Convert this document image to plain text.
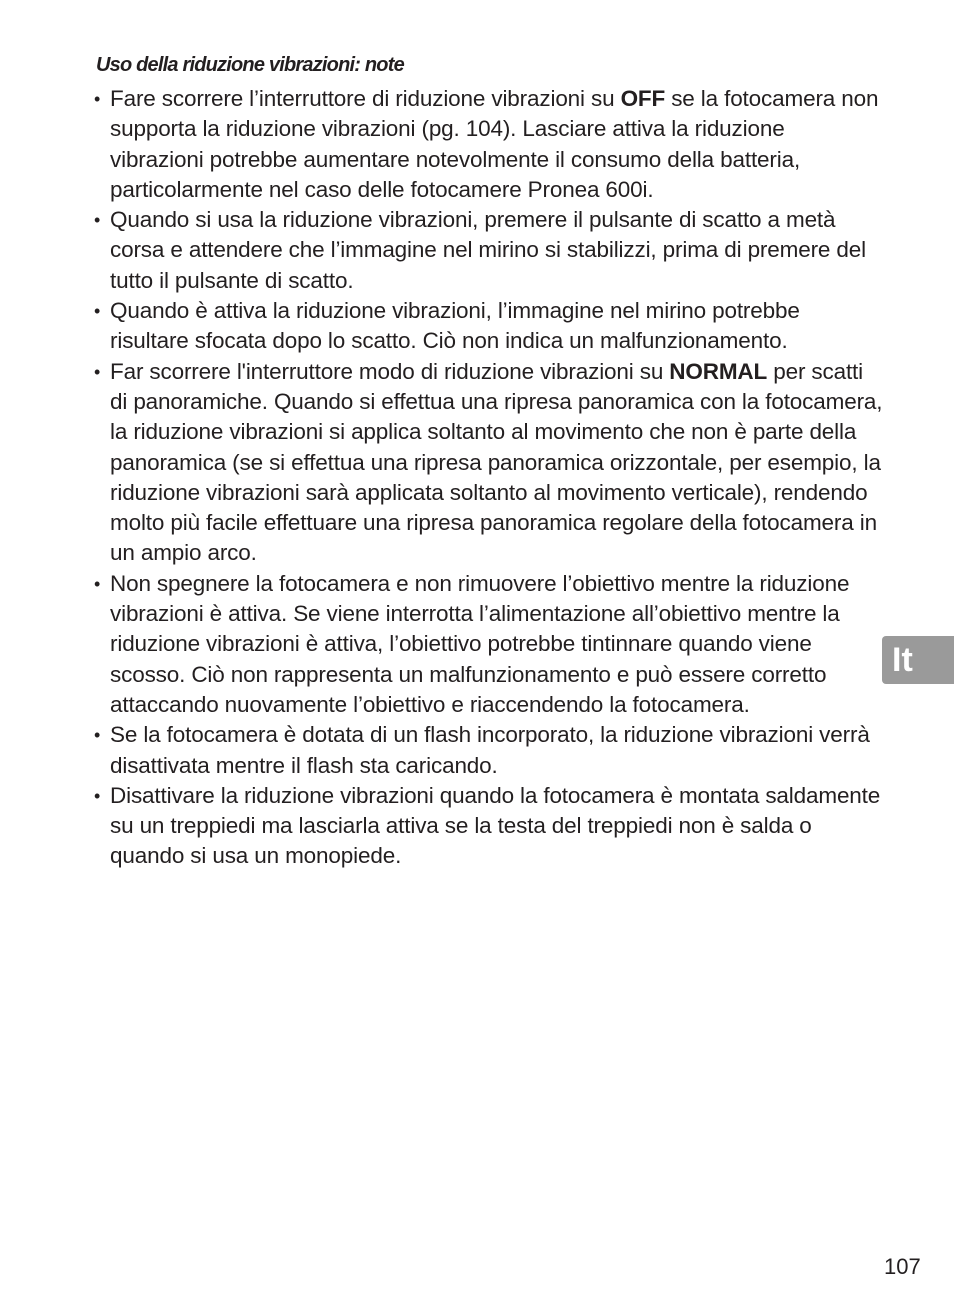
Uso della riduzione vibrazioni: note
• Fare scorrere l’interruttore di riduzione vibrazioni su OFF se la fotocamera non supporta la riduzione vibrazioni (pg. 104). Lasciare attiva la riduzione vibrazioni potrebbe aumentare notevolmente il consumo della batteria, particolarmente nel caso delle fotocamere Pronea 600i.
• Quando si usa la riduzione vibrazioni, premere il pulsante di scatto a metà corsa e attendere che l’immagine nel mirino si stabilizzi, prima di premere del tutto il pulsante di scatto.
• Quando è attiva la riduzione vibrazioni, l’immagine nel mirino potrebbe risultare sfocata dopo lo scatto. Ciò non indica un malfunzionamento.
• Far scorrere l'interruttore modo di riduzione vibrazioni su NORMAL per scatti di panoramiche. Quando si effettua una ripresa panoramica con la fotocamera, la riduzione vibrazioni si applica soltanto al movimento che non è parte della panoramica (se si effettua una ripresa panoramica orizzontale, per esempio, la riduzione vibrazioni sarà applicata soltanto al movimento verticale), rendendo molto più facile effettuare una ripresa panoramica regolare della fotocamera in un ampio arco.
• Non spegnere la fotocamera e non rimuovere l’obiettivo mentre la riduzione vibrazioni è attiva. Se viene interrotta l’alimentazione all’obiettivo mentre la riduzione vibrazioni è attiva, l’obiettivo potrebbe tintinnare quando viene scosso. Ciò non rappresenta un malfunzionamento e può essere corretto attaccando nuovamente l’obiettivo e riaccendendo la fotocamera.
• Se la fotocamera è dotata di un flash incorporato, la riduzione vibrazioni verrà disattivata mentre il flash sta caricando.
• Disattivare la riduzione vibrazioni quando la fotocamera è montata saldamente su un treppiedi ma lasciarla attiva se la testa del treppiedi non è salda o quando si usa un monopiede.
It
107
